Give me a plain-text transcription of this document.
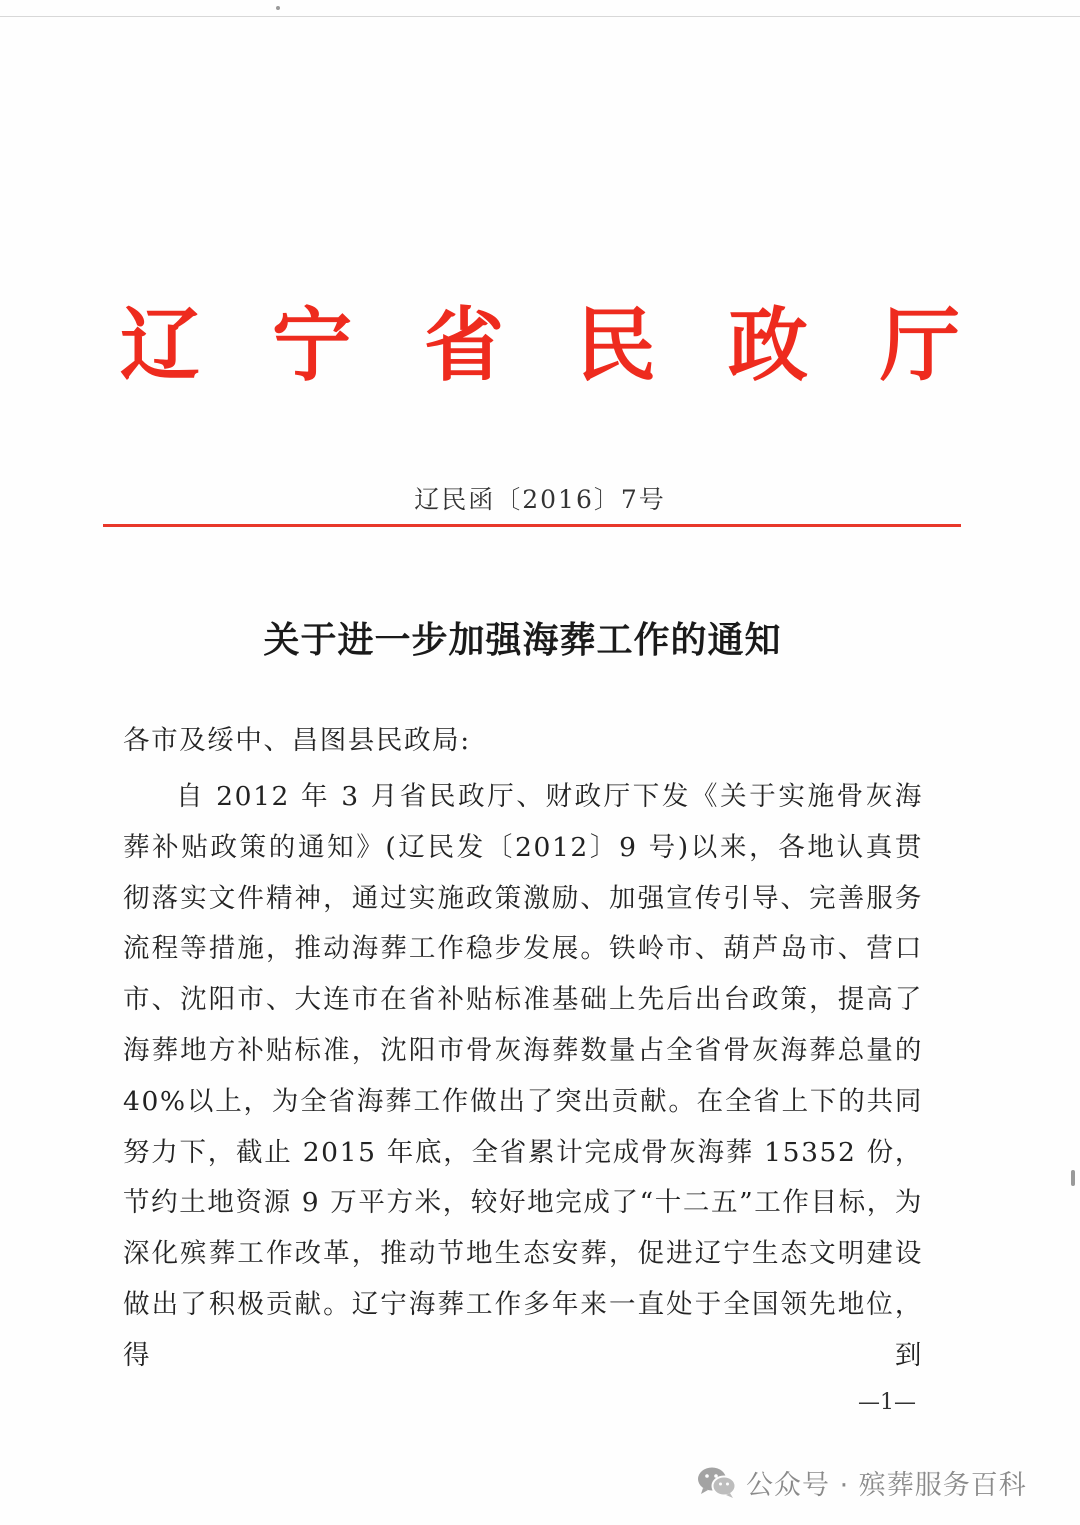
辽 宁 省 民 政 厅
辽民函〔2016〕7号
关于进一步加强海葬工作的通知

各市及绥中、昌图县民政局:

自 2012 年 3 月省民政厅、财政厅下发《关于实施骨灰海葬补贴政策的通知》(辽民发〔2012〕9 号)以来，各地认真贯彻落实文件精神，通过实施政策激励、加强宣传引导、完善服务流程等措施，推动海葬工作稳步发展。铁岭市、葫芦岛市、营口市、沈阳市、大连市在省补贴标准基础上先后出台政策，提高了海葬地方补贴标准，沈阳市骨灰海葬数量占全省骨灰海葬总量的 40%以上，为全省海葬工作做出了突出贡献。在全省上下的共同努力下，截止 2015 年底，全省累计完成骨灰海葬 15352 份，节约土地资源 9 万平方米，较好地完成了“十二五”工作目标，为深化殡葬工作改革，推动节地生态安葬，促进辽宁生态文明建设做出了积极贡献。辽宁海葬工作多年来一直处于全国领先地位，得到

—1—
公众号 · 殡葬服务百科
